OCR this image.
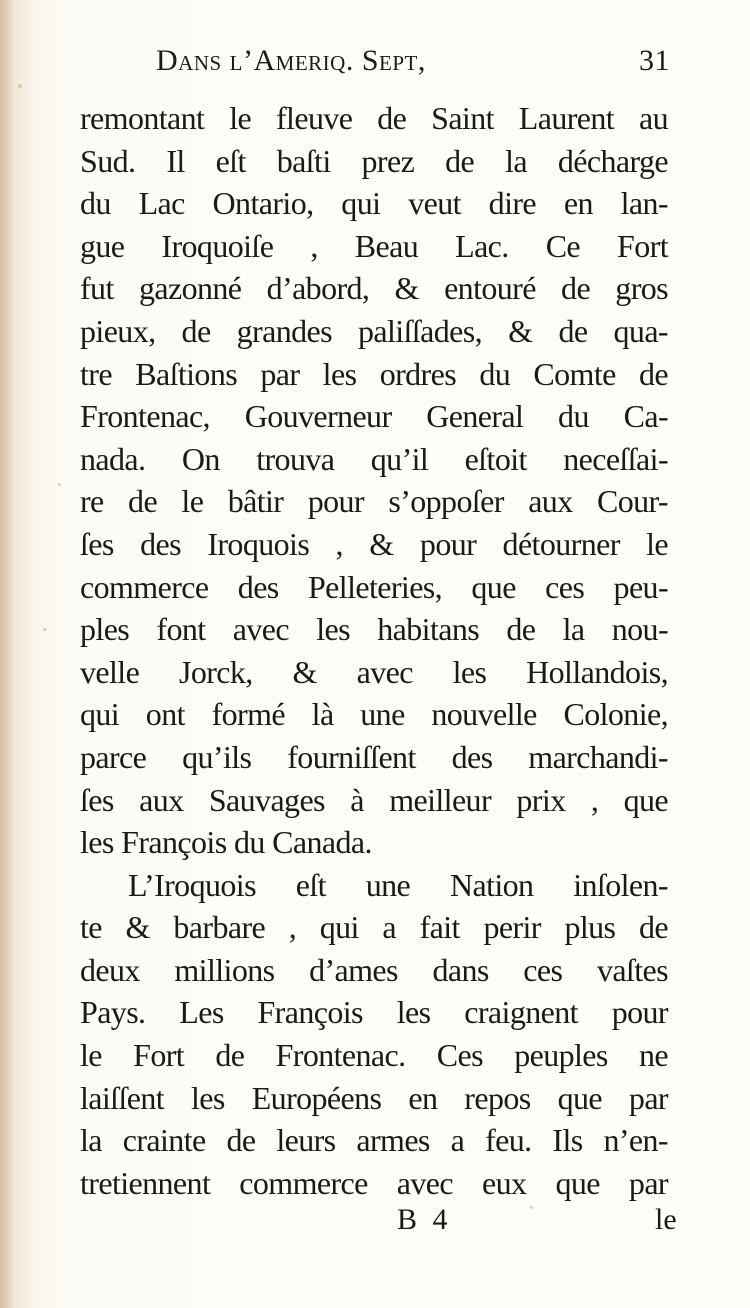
Dans l’Ameriq. Sept,	31
remontant le fleuve de Saint Laurent au
Sud. Il eſt baſti prez de la décharge
du Lac Ontario, qui veut dire en lan-
gue Iroquoiſe , Beau Lac. Ce Fort
fut gazonné d’abord, & entouré de gros
pieux, de grandes paliſſades, & de qua-
tre Baſtions par les ordres du Comte de
Frontenac, Gouverneur General du Ca-
nada. On trouva qu’il eſtoit neceſſai-
re de le bâtir pour s’oppoſer aux Cour-
ſes des Iroquois , & pour détourner le
commerce des Pelleteries, que ces peu-
ples font avec les habitans de la nou-
velle Jorck, & avec les Hollandois,
qui ont formé là une nouvelle Colonie,
parce qu’ils fourniſſent des marchandi-
ſes aux Sauvages à meilleur prix , que
les François du Canada.
L’Iroquois eſt une Nation inſolen-
te & barbare , qui a fait perir plus de
deux millions d’ames dans ces vaſtes
Pays. Les François les craignent pour
le Fort de Frontenac. Ces peuples ne
laiſſent les Européens en repos que par
la crainte de leurs armes a feu. Ils n’en-
tretiennent commerce avec eux que par
B 4	le
